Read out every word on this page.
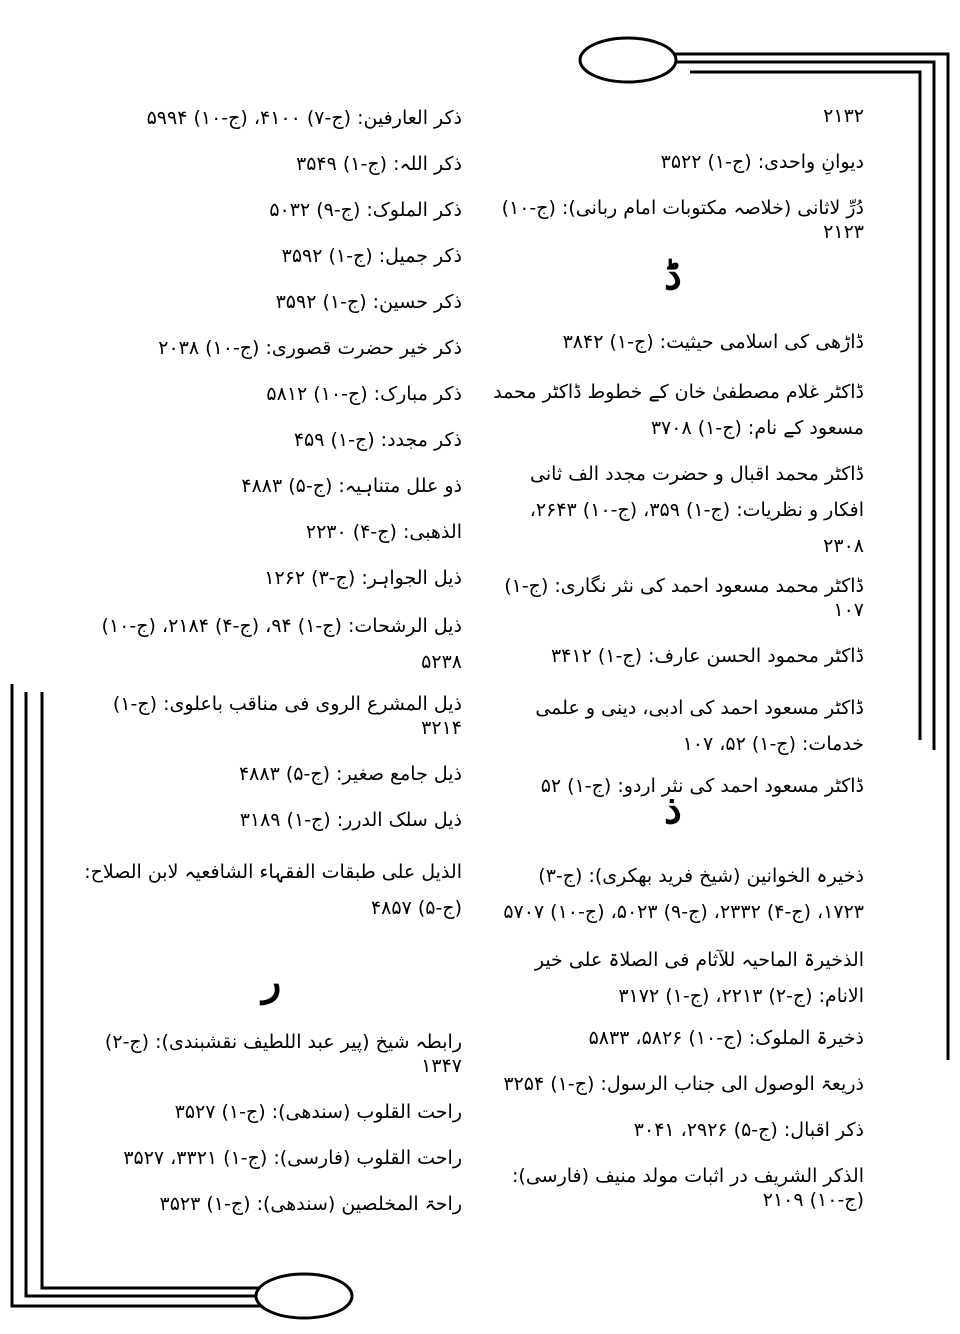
۲۱۳۲

دیوانِ واحدی: (ج-۱) ۳۵۲۲

دُرِّ لاثانی (خلاصہ مکتوبات امام ربانی): (ج-۱۰) ۲۱۲۳

ڈ

ڈاڑھی کی اسلامی حیثیت: (ج-۱) ۳۸۴۲

ڈاکٹر غلام مصطفیٰ خان کے خطوط ڈاکٹر محمد مسعود کے نام: (ج-۱) ۳۷۰۸

ڈاکٹر محمد اقبال و حضرت مجدد الف ثانی افکار و نظریات: (ج-۱) ۳۵۹، (ج-۱۰) ۲۶۴۳، ۲۳۰۸

ڈاکٹر محمد مسعود احمد کی نثر نگاری: (ج-۱) ۱۰۷

ڈاکٹر محمود الحسن عارف: (ج-۱) ۳۴۱۲

ڈاکٹر مسعود احمد کی ادبی، دینی و علمی خدمات: (ج-۱) ۵۲، ۱۰۷

ڈاکٹر مسعود احمد کی نثر اردو: (ج-۱) ۵۲

ذ

ذخیرہ الخوانین (شیخ فرید بھکری): (ج-۳) ۱۷۲۳، (ج-۴) ۲۳۳۲، (ج-۹) ۵۰۲۳، (ج-۱۰) ۵۷۰۷

الذخیرۃ الماحیہ للآثام فی الصلاۃ علی خیر الانام: (ج-۲) ۲۲۱۳، (ج-۱) ۳۱۷۲

ذخیرۃ الملوک: (ج-۱۰) ۵۸۲۶، ۵۸۳۳

ذریعۃ الوصول الی جناب الرسول: (ج-۱) ۳۲۵۴

ذکر اقبال: (ج-۵) ۲۹۲۶، ۳۰۴۱

الذکر الشریف در اثبات مولد منیف (فارسی): (ج-۱۰) ۲۱۰۹

ذکر العارفین: (ج-۷) ۴۱۰۰، (ج-۱۰) ۵۹۹۴

ذکر اللہ: (ج-۱) ۳۵۴۹

ذکر الملوک: (ج-۹) ۵۰۳۲

ذکر جمیل: (ج-۱) ۳۵۹۲

ذکر حسین: (ج-۱) ۳۵۹۲

ذکر خیر حضرت قصوری: (ج-۱۰) ۲۰۳۸

ذکر مبارک: (ج-۱۰) ۵۸۱۲

ذکر مجدد: (ج-۱) ۴۵۹

ذو علل متناہیہ: (ج-۵) ۴۸۸۳

الذھبی: (ج-۴) ۲۲۳۰

ذیل الجواہر: (ج-۳) ۱۲۶۲

ذیل الرشحات: (ج-۱) ۹۴، (ج-۴) ۲۱۸۴، (ج-۱۰) ۵۲۳۸

ذیل المشرع الروی فی مناقب باعلوی: (ج-۱) ۳۲۱۴

ذیل جامع صغیر: (ج-۵) ۴۸۸۳

ذیل سلک الدرر: (ج-۱) ۳۱۸۹

الذیل علی طبقات الفقہاء الشافعیہ لابن الصلاح: (ج-۵) ۴۸۵۷

ر

رابطہ شیخ (پیر عبد اللطیف نقشبندی): (ج-۲) ۱۳۴۷

راحت القلوب (سندھی): (ج-۱) ۳۵۲۷

راحت القلوب (فارسی): (ج-۱) ۳۳۲۱، ۳۵۲۷

راحۃ المخلصین (سندھی): (ج-۱) ۳۵۲۳
